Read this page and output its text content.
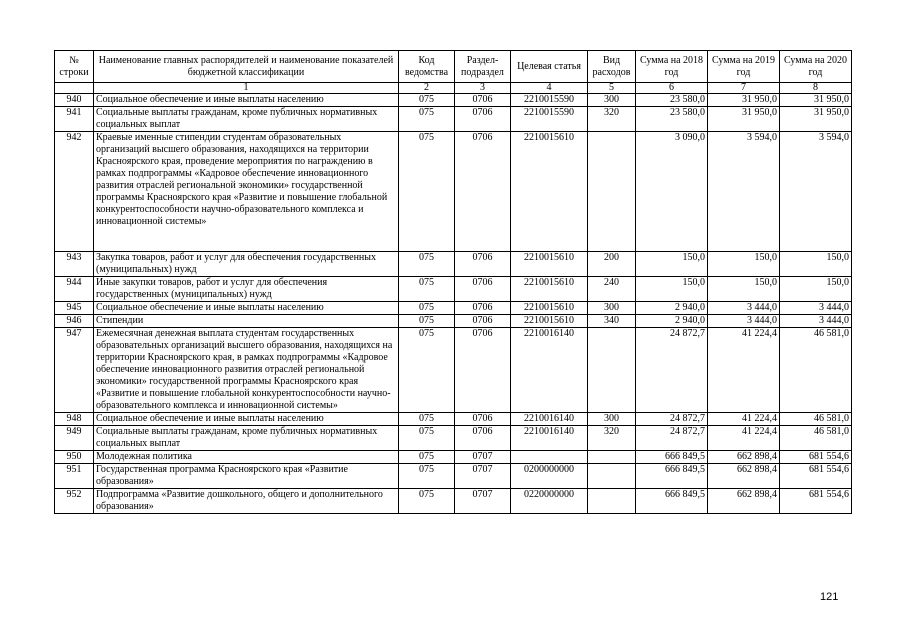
№ строки	Наименование главных распорядителей и наименование показателей бюджетной классификации	Код ведомства	Раздел-подраздел	Целевая статья	Вид расходов	Сумма на 2018 год	Сумма на 2019 год	Сумма на 2020 год
	1	2	3	4	5	6	7	8
940	Социальное обеспечение и иные выплаты населению	075	0706	2210015590	300	23 580,0	31 950,0	31 950,0
941	Социальные выплаты гражданам, кроме публичных нормативных социальных выплат	075	0706	2210015590	320	23 580,0	31 950,0	31 950,0
942	Краевые именные стипендии студентам образовательных организаций высшего образования, находящихся на территории Красноярского края, проведение мероприятия по награждению в рамках подпрограммы «Кадровое обеспечение инновационного развития отраслей региональной экономики» государственной программы Красноярского края «Развитие и повышение глобальной конкурентоспособности научно-образовательного комплекса и инновационной системы»	075	0706	2210015610		3 090,0	3 594,0	3 594,0
943	Закупка товаров, работ и услуг для обеспечения государственных (муниципальных) нужд	075	0706	2210015610	200	150,0	150,0	150,0
944	Иные закупки товаров, работ и услуг для обеспечения государственных (муниципальных) нужд	075	0706	2210015610	240	150,0	150,0	150,0
945	Социальное обеспечение и иные выплаты населению	075	0706	2210015610	300	2 940,0	3 444,0	3 444,0
946	Стипендии	075	0706	2210015610	340	2 940,0	3 444,0	3 444,0
947	Ежемесячная денежная выплата студентам государственных образовательных организаций высшего образования, находящихся на территории Красноярского края, в рамках подпрограммы «Кадровое обеспечение инновационного развития отраслей региональной экономики» государственной программы Красноярского края «Развитие и повышение глобальной конкурентоспособности научно-образовательного комплекса и инновационной системы»	075	0706	2210016140		24 872,7	41 224,4	46 581,0
948	Социальное обеспечение и иные выплаты населению	075	0706	2210016140	300	24 872,7	41 224,4	46 581,0
949	Социальные выплаты гражданам, кроме публичных нормативных социальных выплат	075	0706	2210016140	320	24 872,7	41 224,4	46 581,0
950	Молодежная политика	075	0707			666 849,5	662 898,4	681 554,6
951	Государственная программа Красноярского края «Развитие образования»	075	0707	0200000000		666 849,5	662 898,4	681 554,6
952	Подпрограмма «Развитие дошкольного, общего и дополнительного образования»	075	0707	0220000000		666 849,5	662 898,4	681 554,6
121
